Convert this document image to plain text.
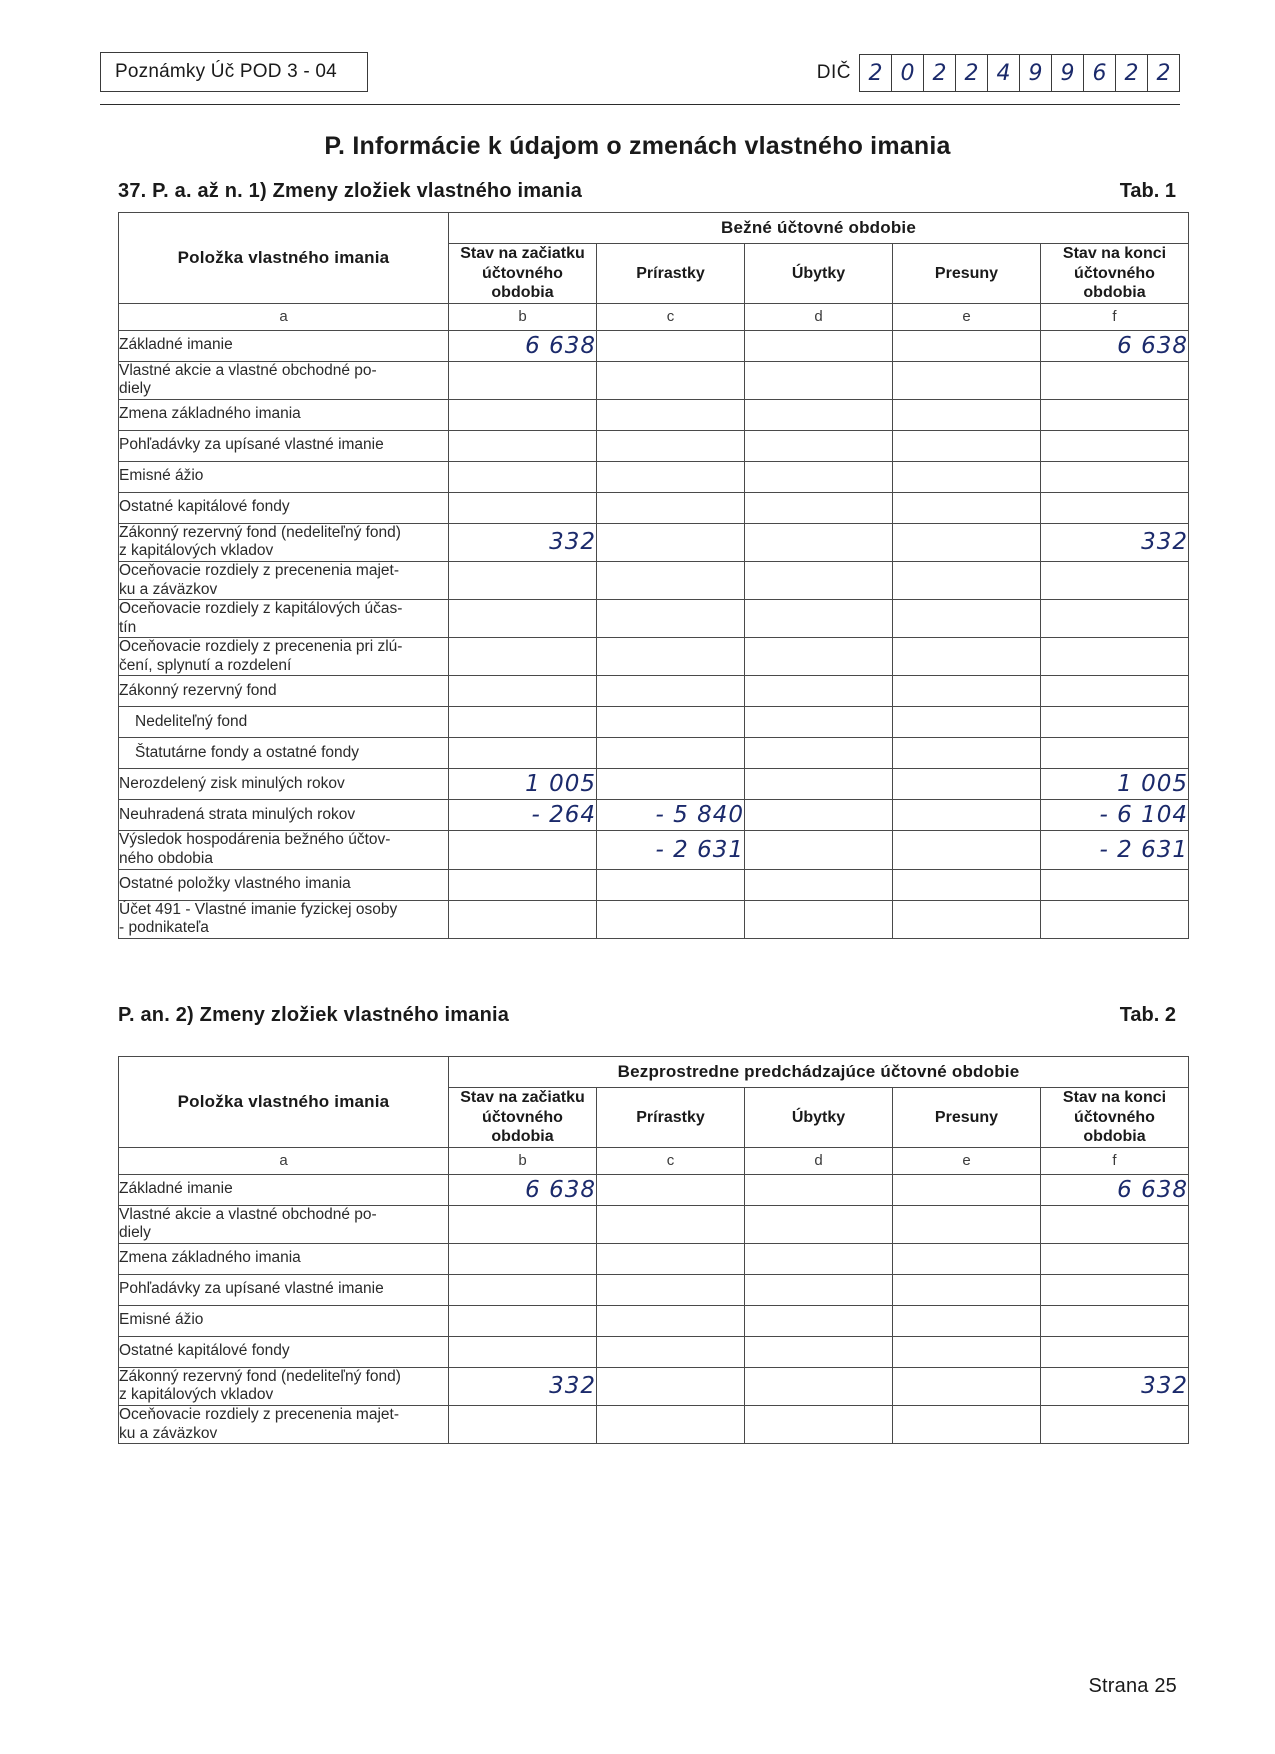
Poznámky Úč POD 3 - 04	DIČ 2 0 2 2 4 9 9 6 2 2
P. Informácie k údajom o zmenách vlastného imania
37. P. a. až n. 1) Zmeny zložiek vlastného imania	Tab. 1
Položka vlastného imania	Bežné účtovné obdobie				
	Stav na začiatku účtovného obdobia	Prírastky	Úbytky	Presuny	Stav na konci účtovného obdobia
a	b	c	d	e	f
Základné imanie	6 638				6 638
Vlastné akcie a vlastné obchodné po-
diely					
Zmena základného imania					
Pohľadávky za upísané vlastné imanie					
Emisné ážio					
Ostatné kapitálové fondy					
Zákonný rezervný fond (nedeliteľný fond)
z kapitálových vkladov	332				332
Oceňovacie rozdiely z precenenia majet-
ku a záväzkov					
Oceňovacie rozdiely z kapitálových účas-
tín					
Oceňovacie rozdiely z precenenia pri zlú-
čení, splynutí a rozdelení					
Zákonný rezervný fond					
Nedeliteľný fond					
Štatutárne fondy a ostatné fondy					
Nerozdelený zisk minulých rokov	1 005				1 005
Neuhradená strata minulých rokov	- 264	- 5 840			- 6 104
Výsledok hospodárenia bežného účtov-
ného obdobia		- 2 631			- 2 631
Ostatné položky vlastného imania					
Účet 491 - Vlastné imanie fyzickej osoby
- podnikateľa					
P. an. 2) Zmeny zložiek vlastného imania	Tab. 2
Položka vlastného imania	Bezprostredne predchádzajúce účtovné obdobie				
	Stav na začiatku účtovného obdobia	Prírastky	Úbytky	Presuny	Stav na konci účtovného obdobia
a	b	c	d	e	f
Základné imanie	6 638				6 638
Vlastné akcie a vlastné obchodné po-
diely					
Zmena základného imania					
Pohľadávky za upísané vlastné imanie					
Emisné ážio					
Ostatné kapitálové fondy					
Zákonný rezervný fond (nedeliteľný fond)
z kapitálových vkladov	332				332
Oceňovacie rozdiely z precenenia majet-
ku a záväzkov					
Strana 25
